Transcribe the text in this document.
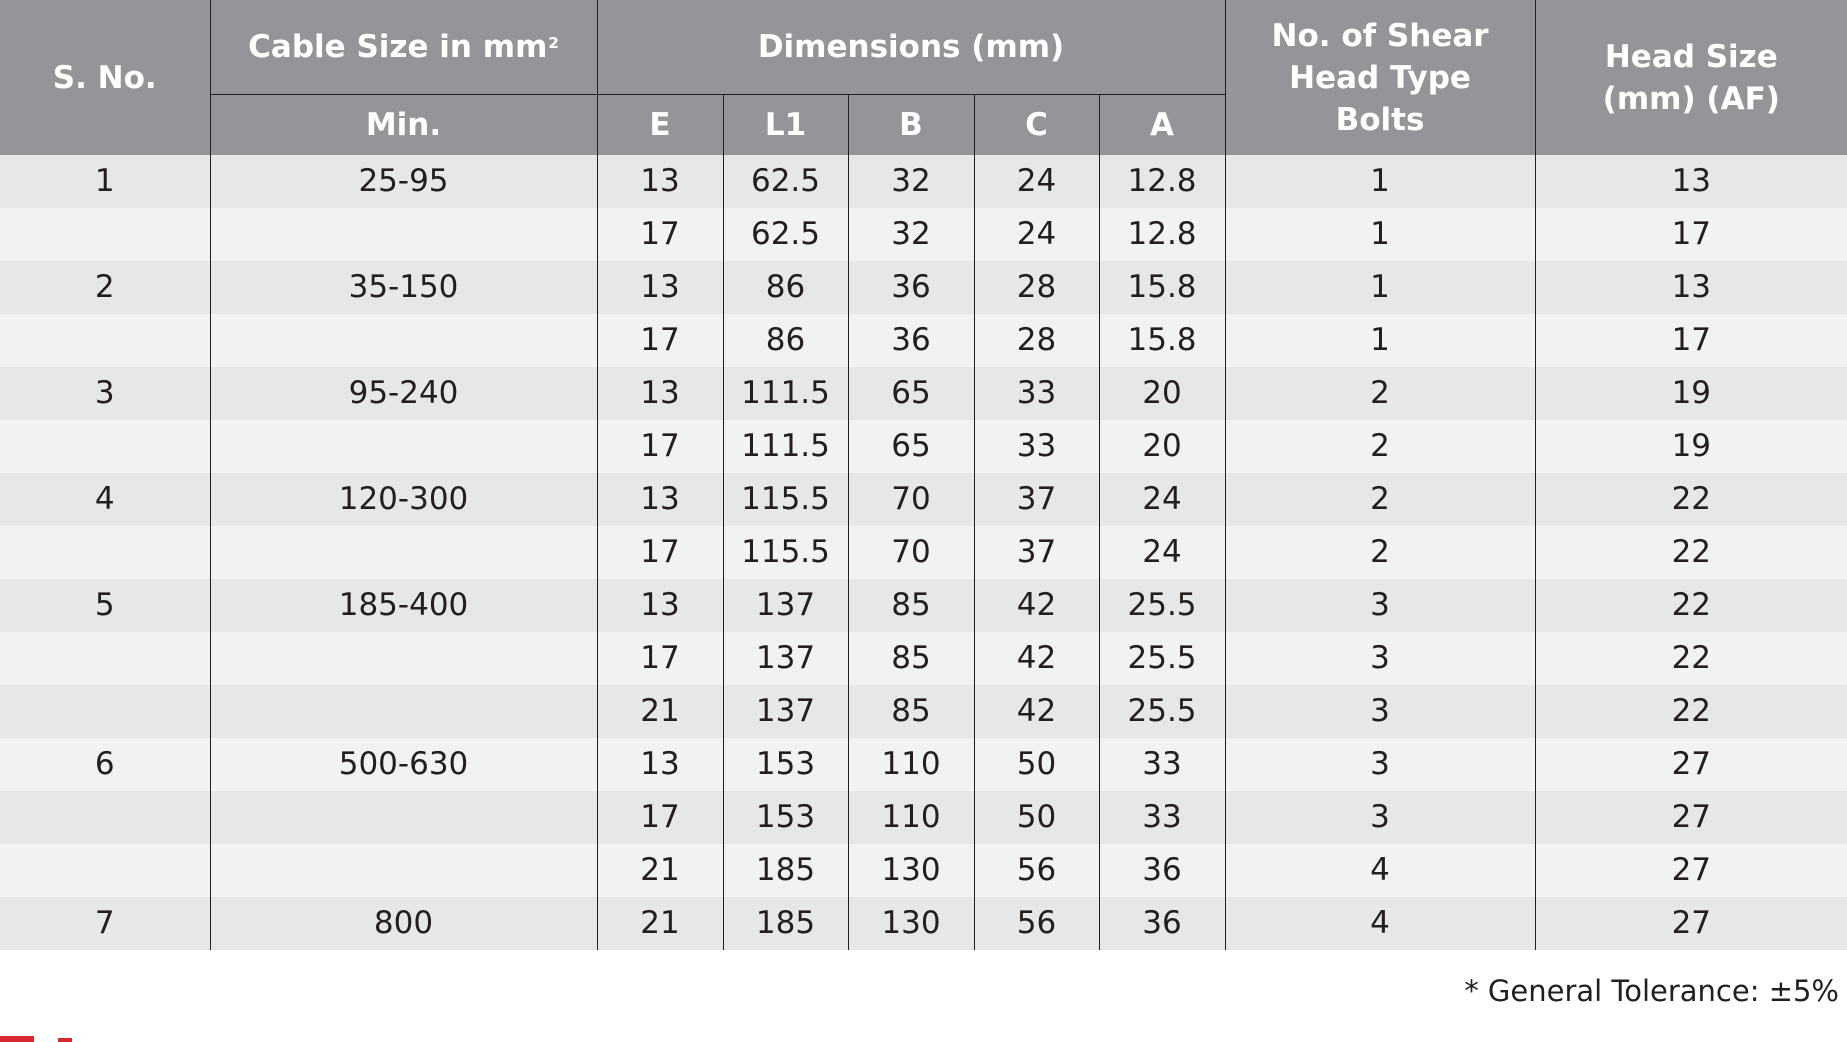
S. No.	Cable Size in $mm^2$	Dimensions (mm)					No. of Shear Head Type Bolts	Head Size (mm) (AF)
	Min.	E	L1	B	C	A		
1	25-95	13	62.5	32	24	12.8	1	13
		17	62.5	32	24	12.8	1	17
2	35-150	13	86	36	28	15.8	1	13
		17	86	36	28	15.8	1	17
3	95-240	13	111.5	65	33	20	2	19
		17	111.5	65	33	20	2	19
4	120-300	13	115.5	70	37	24	2	22
		17	115.5	70	37	24	2	22
5	185-400	13	137	85	42	25.5	3	22
		17	137	85	42	25.5	3	22
		21	137	85	42	25.5	3	22
6	500-630	13	153	110	50	33	3	27
		17	153	110	50	33	3	27
		21	185	130	56	36	4	27
7	800	21	185	130	56	36	4	27
* General Tolerance: ±5%
